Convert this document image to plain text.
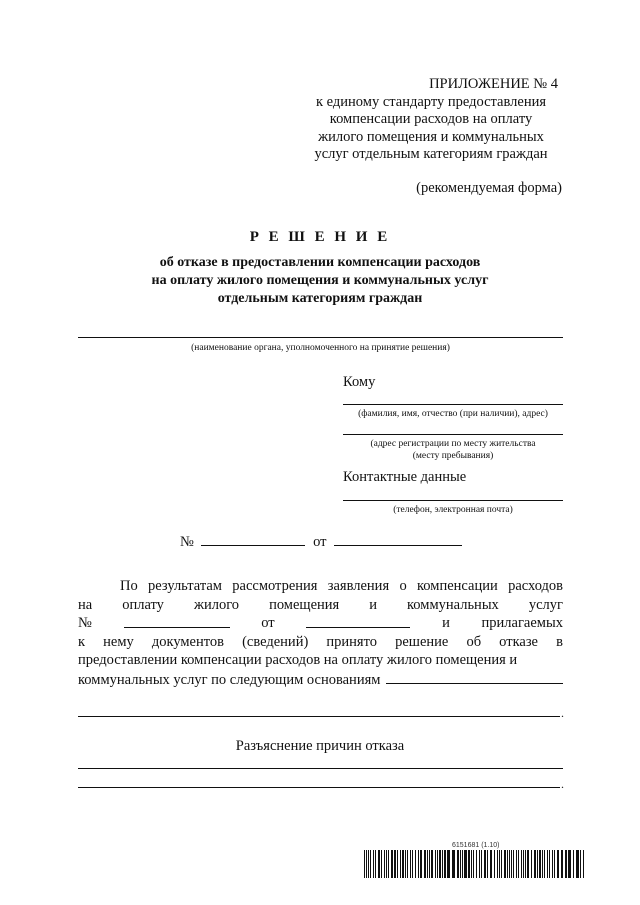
ПРИЛОЖЕНИЕ № 4
к единому стандарту предоставления
компенсации расходов на оплату
жилого помещения и коммунальных
услуг отдельным категориям граждан
(рекомендуемая форма)
Р Е Ш Е Н И Е
об отказе в предоставлении компенсации расходов
на оплату жилого помещения и коммунальных услуг
отдельным категориям граждан
(наименование органа, уполномоченного на принятие решения)
Кому
(фамилия, имя, отчество (при наличии), адрес)
(адрес регистрации по месту жительства
(месту пребывания)
Контактные данные
(телефон, электронная почта)
№	от
По результатам рассмотрения заявления о компенсации расходов
на оплату жилого помещения и коммунальных услуг
№	от	и прилагаемых
к нему документов (сведений) принято решение об отказе в
предоставлении компенсации расходов на оплату жилого помещения и
коммунальных услуг по следующим основаниям
.
Разъяснение причин отказа
.
6151681 (1.10)
